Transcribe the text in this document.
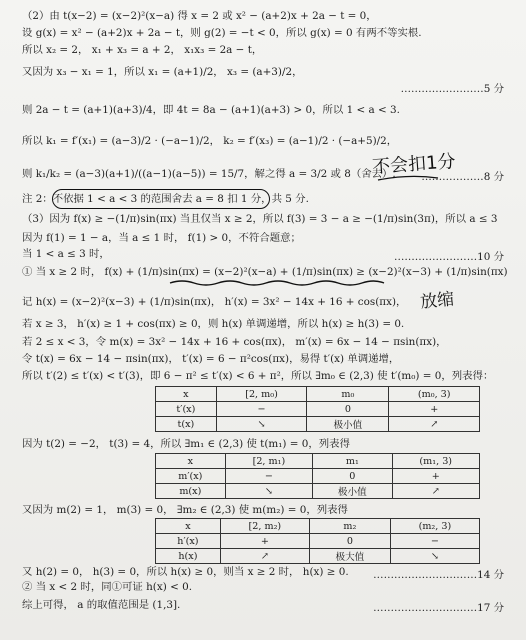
（2）由 t(x−2) = (x−2)²(x−a) 得 x = 2 或 x² − (a+2)x + 2a − t = 0，
设 g(x) = x² − (a+2)x + 2a − t，则 g(2) = −t < 0，所以 g(x) = 0 有两不等实根.
所以 x₂ = 2， x₁ + x₃ = a + 2， x₁x₃ = 2a − t，
又因为 x₃ − x₁ = 1，所以 x₁ = (a+1)/2， x₃ = (a+3)/2，
……………………5 分
则 2a − t = (a+1)(a+3)/4，即 4t = 8a − (a+1)(a+3) > 0，所以 1 < a < 3.
所以 k₁ = f′(x₁) = (a−3)/2 · (−a−1)/2， k₂ = f′(x₃) = (a−1)/2 · (−a+5)/2，
则 k₁/k₂ = (a−3)(a+1)/((a−1)(a−5)) = 15/7，解之得 a = 3/2 或 8（舍去）. ………………8 分
注 2：不依据 1 < a < 3 的范围舍去 a = 8 扣 1 分，共 5 分.
（3）因为 f(x) ≥ −(1/π)sin(πx) 当且仅当 x ≥ 2，所以 f(3) = 3 − a ≥ −(1/π)sin(3π)，所以 a ≤ 3
因为 f(1) = 1 − a，当 a ≤ 1 时， f(1) > 0，不符合题意；
当 1 < a ≤ 3 时，	……………………10 分
① 当 x ≥ 2 时， f(x) + (1/π)sin(πx) = (x−2)²(x−a) + (1/π)sin(πx) ≥ (x−2)²(x−3) + (1/π)sin(πx)
记 h(x) = (x−2)²(x−3) + (1/π)sin(πx)， h′(x) = 3x² − 14x + 16 + cos(πx)，
若 x ≥ 3， h′(x) ≥ 1 + cos(πx) ≥ 0，则 h(x) 单调递增，所以 h(x) ≥ h(3) = 0.
若 2 ≤ x < 3，令 m(x) = 3x² − 14x + 16 + cos(πx)， m′(x) = 6x − 14 − πsin(πx)，
令 t(x) = 6x − 14 − πsin(πx)， t′(x) = 6 − π²cos(πx)，易得 t′(x) 单调递增，
所以 t′(2) ≤ t′(x) < t′(3)，即 6 − π² ≤ t′(x) < 6 + π²，所以 ∃m₀ ∈ (2,3) 使 t′(m₀) = 0，列表得：
x	[2, m₀)	m₀	(m₀, 3)
t′(x)	−	0	+
t(x)	↘	极小值	↗
因为 t(2) = −2， t(3) = 4，所以 ∃m₁ ∈ (2,3) 使 t(m₁) = 0，列表得
x	[2, m₁)	m₁	(m₁, 3)
m′(x)	−	0	+
m(x)	↘	极小值	↗
又因为 m(2) = 1， m(3) = 0， ∃m₂ ∈ (2,3) 使 m(m₂) = 0，列表得
x	[2, m₂)	m₂	(m₂, 3)
h′(x)	+	0	−
h(x)	↗	极大值	↘
又 h(2) = 0， h(3) = 0，所以 h(x) ≥ 0，则当 x ≥ 2 时， h(x) ≥ 0. …………………………14 分
② 当 x < 2 时，同①可证 h(x) < 0.
综上可得， a 的取值范围是 (1,3].	…………………………17 分
不会扣1分
放缩
